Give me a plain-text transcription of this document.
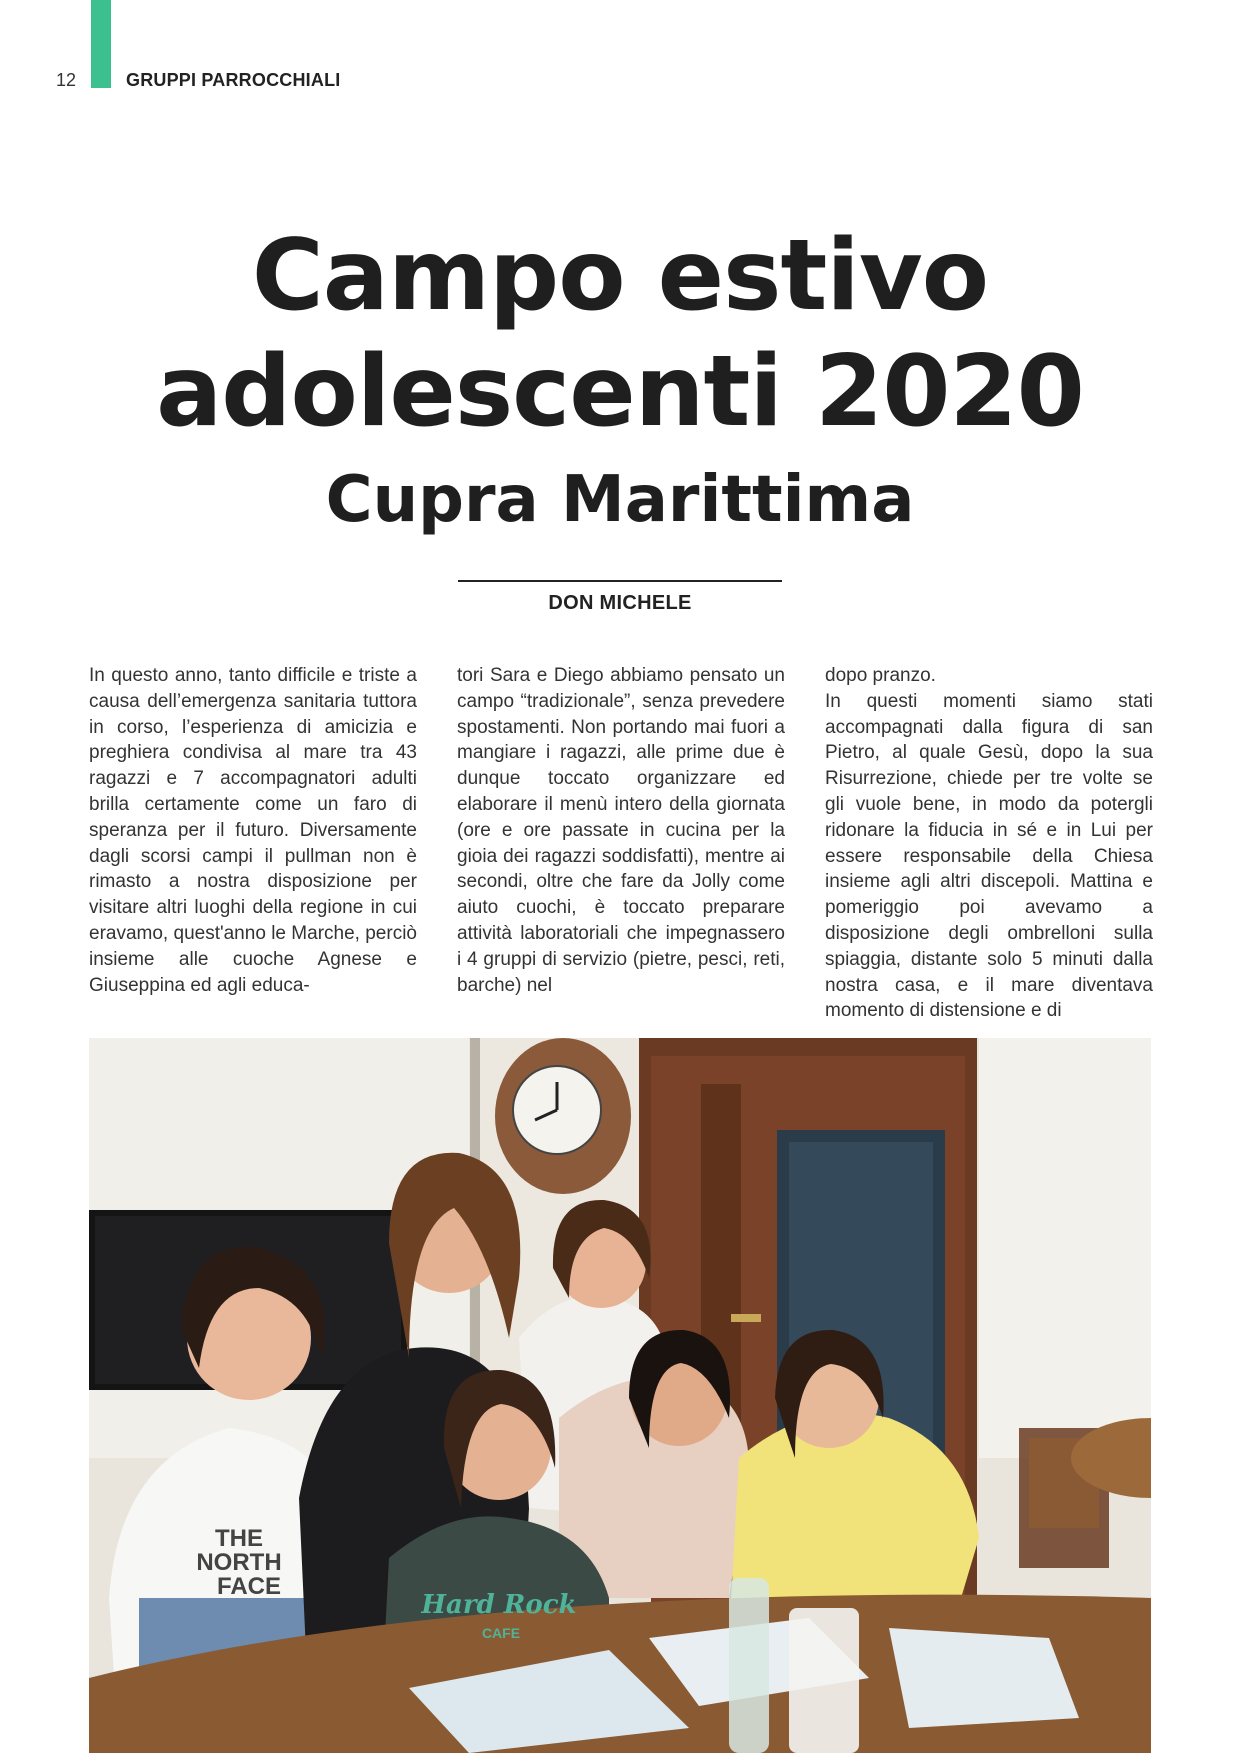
12	GRUPPI PARROCCHIALI
Campo estivo
adolescenti 2020
Cupra Marittima
DON MICHELE

In questo anno, tanto difficile e triste a causa dell’emergenza sanitaria tuttora in corso, l’esperienza di amicizia e preghiera condivisa al mare tra 43 ragazzi e 7 accompagnatori adulti brilla certamente come un faro di speranza per il futuro. Diversamente dagli scorsi campi il pullman non è rimasto a nostra disposizione per visitare altri luoghi della regione in cui eravamo, quest'anno le Marche, perciò insieme alle cuoche Agnese e Giuseppina ed agli educa-

tori Sara e Diego abbiamo pensato un campo “tradizionale”, senza prevedere spostamenti. Non portando mai fuori a mangiare i ragazzi, alle prime due è dunque toccato organizzare ed elaborare il menù intero della giornata (ore e ore passate in cucina per la gioia dei ragazzi soddisfatti), mentre ai secondi, oltre che fare da Jolly come aiuto cuochi, è toccato preparare attività laboratoriali che impegnassero i 4 gruppi di servizio (pietre, pesci, reti, barche) nel

dopo pranzo.

In questi momenti siamo stati accompagnati dalla figura di san Pietro, al quale Gesù, dopo la sua Risurrezione, chiede per tre volte se gli vuole bene, in modo da potergli ridonare la fiducia in sé e in Lui per essere responsabile della Chiesa insieme agli altri discepoli. Mattina e pomeriggio poi avevamo a disposizione degli ombrelloni sulla spiaggia, distante solo 5 minuti dalla nostra casa, e il mare diventava momento di distensione e di

THE
NORTH
FACE
Hard Rock
CAFE
